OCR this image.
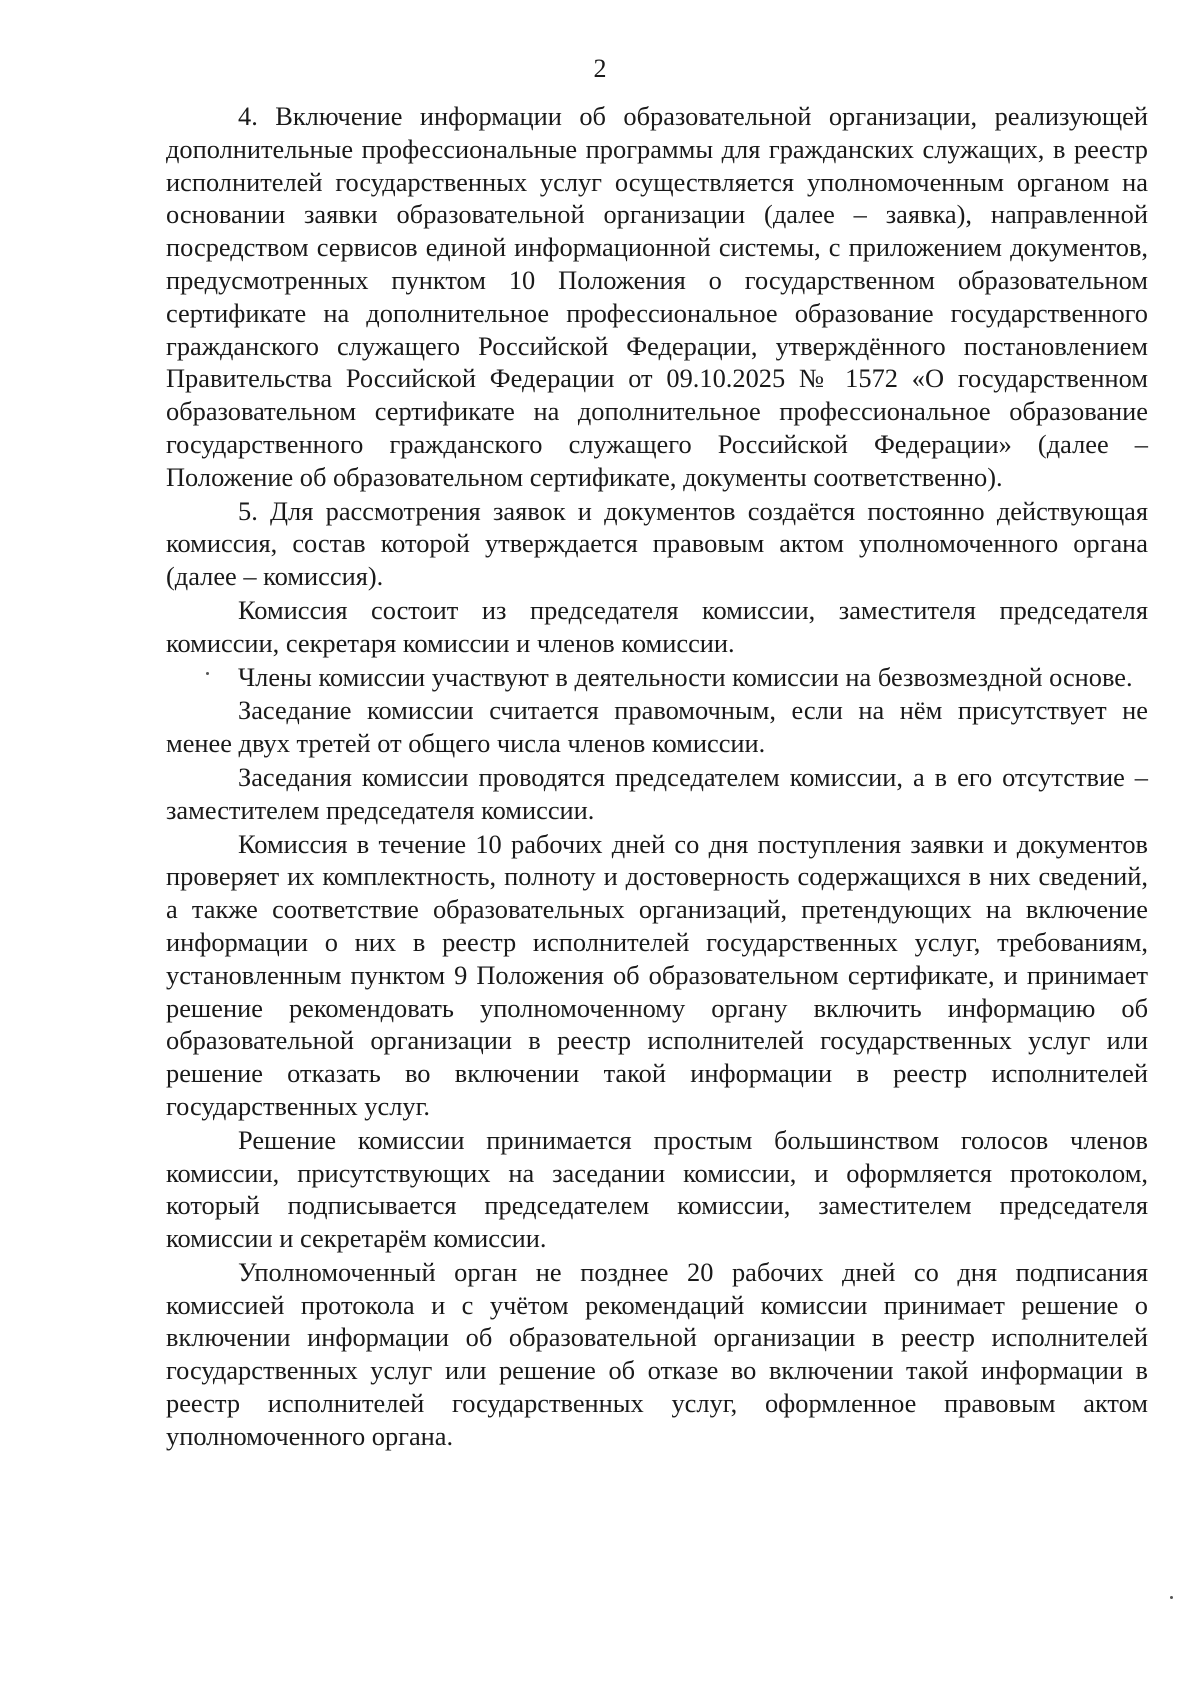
2

4. Включение информации об образовательной организации, реализующей дополнительные профессиональные программы для гражданских служащих, в реестр исполнителей государственных услуг осуществляется уполномоченным органом на основании заявки образовательной организации (далее – заявка), направленной посредством сервисов единой информационной системы, с приложением документов, предусмотренных пунктом 10 Положения о государственном образовательном сертификате на дополнительное профессиональное образование государственного гражданского служащего Российской Федерации, утверждённого постановлением Правительства Российской Федерации от 09.10.2025 № 1572 «О государственном образовательном сертификате на дополнительное профессиональное образование государственного гражданского служащего Российской Федерации» (далее – Положение об образовательном сертификате, документы соответственно).

5. Для рассмотрения заявок и документов создаётся постоянно действующая комиссия, состав которой утверждается правовым актом уполномоченного органа (далее – комиссия).

Комиссия состоит из председателя комиссии, заместителя председателя комиссии, секретаря комиссии и членов комиссии.

Члены комиссии участвуют в деятельности комиссии на безвозмездной основе.

Заседание комиссии считается правомочным, если на нём присутствует не менее двух третей от общего числа членов комиссии.

Заседания комиссии проводятся председателем комиссии, а в его отсутствие – заместителем председателя комиссии.

Комиссия в течение 10 рабочих дней со дня поступления заявки и документов проверяет их комплектность, полноту и достоверность содержащихся в них сведений, а также соответствие образовательных организаций, претендующих на включение информации о них в реестр исполнителей государственных услуг, требованиям, установленным пунктом 9 Положения об образовательном сертификате, и принимает решение рекомендовать уполномоченному органу включить информацию об образовательной организации в реестр исполнителей государственных услуг или решение отказать во включении такой информации в реестр исполнителей государственных услуг.

Решение комиссии принимается простым большинством голосов членов комиссии, присутствующих на заседании комиссии, и оформляется протоколом, который подписывается председателем комиссии, заместителем председателя комиссии и секретарём комиссии.

Уполномоченный орган не позднее 20 рабочих дней со дня подписания комиссией протокола и с учётом рекомендаций комиссии принимает решение о включении информации об образовательной организации в реестр исполнителей государственных услуг или решение об отказе во включении такой информации в реестр исполнителей государственных услуг, оформленное правовым актом уполномоченного органа.
